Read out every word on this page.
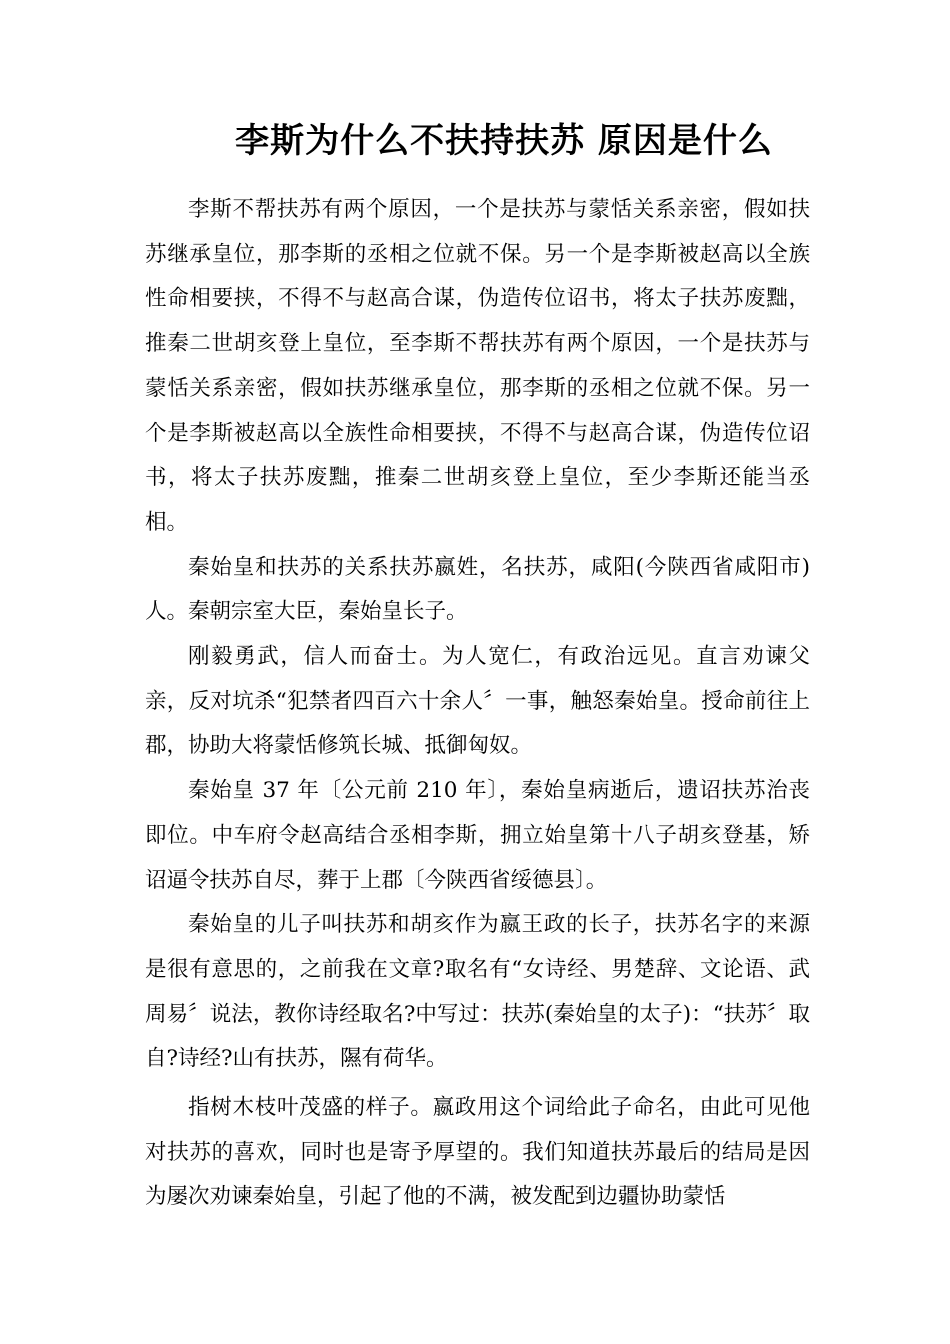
李斯为什么不扶持扶苏 原因是什么

李斯不帮扶苏有两个原因，一个是扶苏与蒙恬关系亲密，假如扶苏继承皇位，那李斯的丞相之位就不保。另一个是李斯被赵高以全族性命相要挟，不得不与赵高合谋，伪造传位诏书，将太子扶苏废黜，推秦二世胡亥登上皇位，至李斯不帮扶苏有两个原因，一个是扶苏与蒙恬关系亲密，假如扶苏继承皇位，那李斯的丞相之位就不保。另一个是李斯被赵高以全族性命相要挟，不得不与赵高合谋，伪造传位诏书，将太子扶苏废黜，推秦二世胡亥登上皇位，至少李斯还能当丞相。

秦始皇和扶苏的关系扶苏嬴姓，名扶苏，咸阳(今陕西省咸阳市)人。秦朝宗室大臣，秦始皇长子。

刚毅勇武，信人而奋士。为人宽仁，有政治远见。直言劝谏父亲，反对坑杀“犯禁者四百六十余人〞一事，触怒秦始皇。授命前往上郡，协助大将蒙恬修筑长城、抵御匈奴。

秦始皇 37 年〔公元前 210 年〕，秦始皇病逝后，遗诏扶苏治丧即位。中车府令赵高结合丞相李斯，拥立始皇第十八子胡亥登基，矫诏逼令扶苏自尽，葬于上郡〔今陕西省绥德县〕。

秦始皇的儿子叫扶苏和胡亥作为嬴王政的长子，扶苏名字的来源是很有意思的，之前我在文章?取名有“女诗经、男楚辞、文论语、武周易〞说法，教你诗经取名?中写过：扶苏(秦始皇的太子)：“扶苏〞取自?诗经?山有扶苏，隰有荷华。

指树木枝叶茂盛的样子。嬴政用这个词给此子命名，由此可见他对扶苏的喜欢，同时也是寄予厚望的。我们知道扶苏最后的结局是因为屡次劝谏秦始皇，引起了他的不满，被发配到边疆协助蒙恬
